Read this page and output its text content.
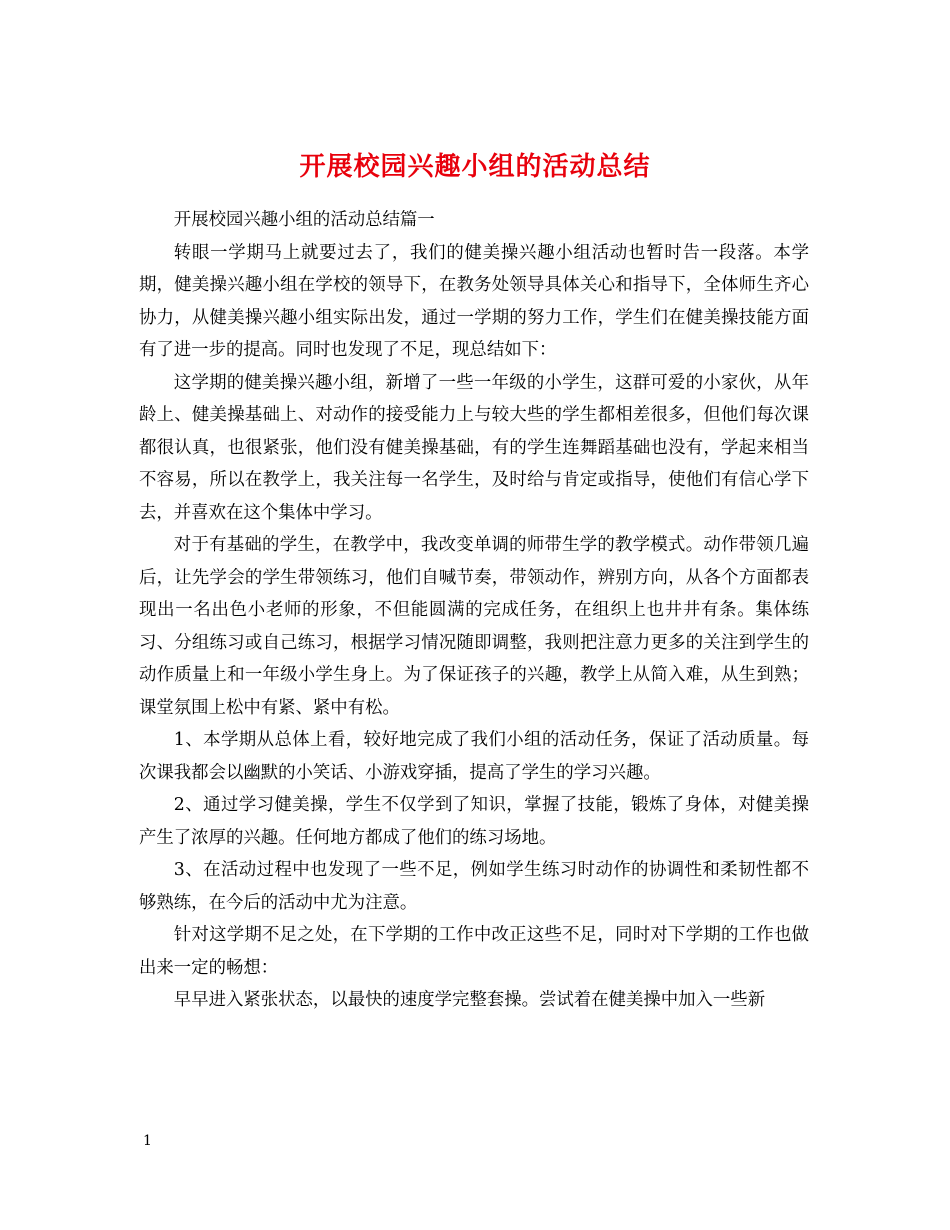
开展校园兴趣小组的活动总结

开展校园兴趣小组的活动总结篇一

转眼一学期马上就要过去了，我们的健美操兴趣小组活动也暂时告一段落。本学期，健美操兴趣小组在学校的领导下，在教务处领导具体关心和指导下，全体师生齐心协力，从健美操兴趣小组实际出发，通过一学期的努力工作，学生们在健美操技能方面有了进一步的提高。同时也发现了不足，现总结如下：

这学期的健美操兴趣小组，新增了一些一年级的小学生，这群可爱的小家伙，从年龄上、健美操基础上、对动作的接受能力上与较大些的学生都相差很多，但他们每次课都很认真，也很紧张，他们没有健美操基础，有的学生连舞蹈基础也没有，学起来相当不容易，所以在教学上，我关注每一名学生，及时给与肯定或指导，使他们有信心学下去，并喜欢在这个集体中学习。

对于有基础的学生，在教学中，我改变单调的师带生学的教学模式。动作带领几遍后，让先学会的学生带领练习，他们自喊节奏，带领动作，辨别方向，从各个方面都表现出一名出色小老师的形象，不但能圆满的完成任务，在组织上也井井有条。集体练习、分组练习或自己练习，根据学习情况随即调整，我则把注意力更多的关注到学生的动作质量上和一年级小学生身上。为了保证孩子的兴趣，教学上从简入难，从生到熟；课堂氛围上松中有紧、紧中有松。

1、本学期从总体上看，较好地完成了我们小组的活动任务，保证了活动质量。每次课我都会以幽默的小笑话、小游戏穿插，提高了学生的学习兴趣。

2、通过学习健美操，学生不仅学到了知识，掌握了技能，锻炼了身体，对健美操产生了浓厚的兴趣。任何地方都成了他们的练习场地。

3、在活动过程中也发现了一些不足，例如学生练习时动作的协调性和柔韧性都不够熟练，在今后的活动中尤为注意。

针对这学期不足之处，在下学期的工作中改正这些不足，同时对下学期的工作也做出来一定的畅想：

早早进入紧张状态，以最快的速度学完整套操。尝试着在健美操中加入一些新

1
